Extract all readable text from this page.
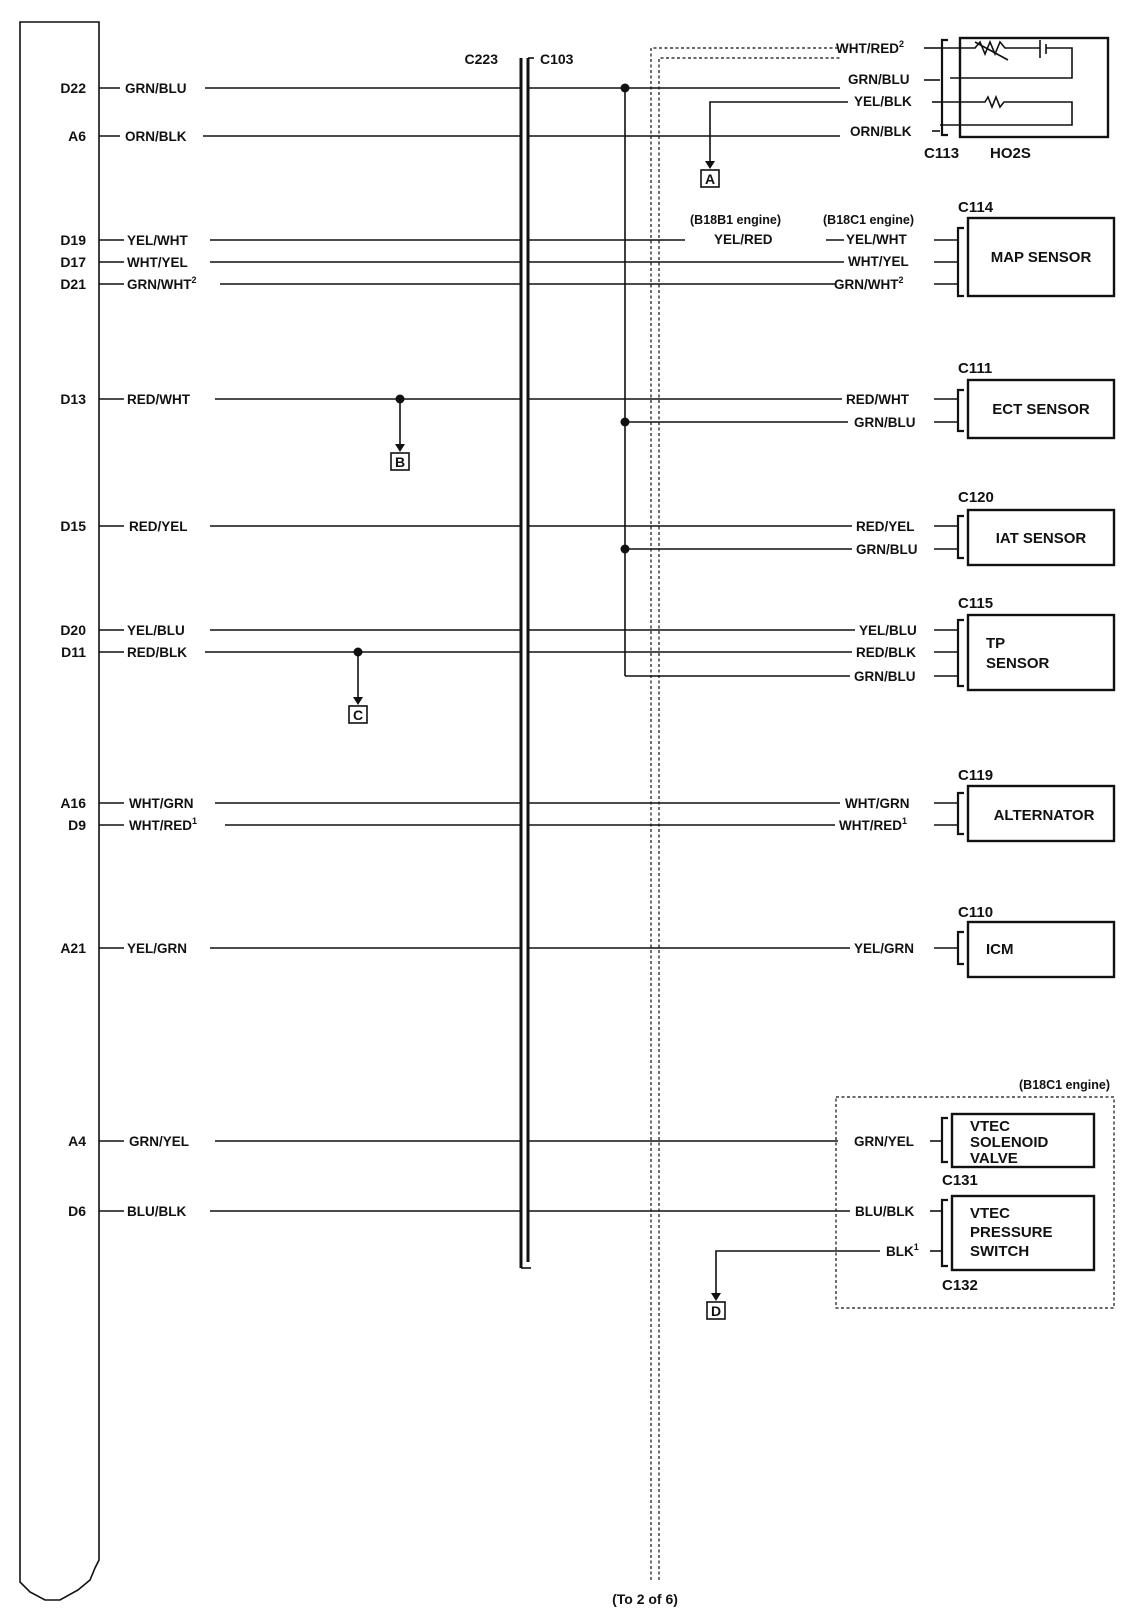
C223	C103
D22	GRN/BLU
A6	ORN/BLK
D19	YEL/WHT
D17	WHT/YEL
D21	GRN/WHT$^2$
D13	RED/WHT
D15	RED/YEL
D20	YEL/BLU
D11	RED/BLK
A16	WHT/GRN
D9	WHT/RED$^1$
A21	YEL/GRN
A4	GRN/YEL
D6	BLU/BLK
B
C
A
WHT/RED$^2$
GRN/BLU
YEL/BLK
ORN/BLK
C113 HO2S
(B18B1 engine)	(B18C1 engine)
YEL/RED	YEL/WHT
WHT/YEL
GRN/WHT$^2$
C114
MAP SENSOR
C111
RED/WHT
GRN/BLU
ECT SENSOR
C120
RED/YEL
GRN/BLU
IAT SENSOR
C115
YEL/BLU
RED/BLK
GRN/BLU
TP
SENSOR
C119
WHT/GRN
WHT/RED$^1$	ALTERNATOR
C110
YEL/GRN	ICM
(B18C1 engine)
GRN/YEL
VTEC
SOLENOID
VALVE
C131
BLU/BLK
BLK$^1$
VTEC
PRESSURE
SWITCH
C132
D
(To 2 of 6)
